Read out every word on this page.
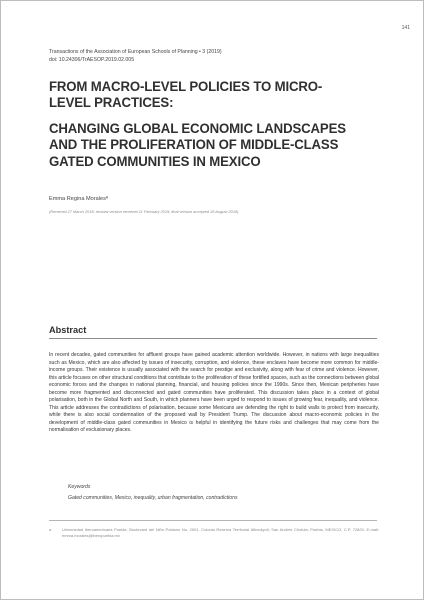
141
Transactions of the Association of European Schools of Planning • 3 (2019)
doi: 10.24306/TrAESOP.2019.02.005
FROM MACRO-LEVEL POLICIES TO MICRO-
LEVEL PRACTICES:
CHANGING GLOBAL ECONOMIC LANDSCAPES
AND THE PROLIFERATION OF MIDDLE-CLASS
GATED COMMUNITIES IN MEXICO
Emma Regina Moralesª
(Received 27 March 2018; revised version received 11 February 2019; final version accepted 18 August 2019)
Abstract
In recent decades, gated communities for affluent groups have gained academic attention worldwide. However, in nations with large inequalities such as Mexico, which are also affected by issues of insecurity, corruption, and violence, these enclaves have become more common for middle-income groups. Their existence is usually associated with the search for prestige and exclusivity, along with fear of crime and violence. However, this article focuses on other structural conditions that contribute to the proliferation of these fortified spaces, such as the connections between global economic forces and the changes in national planning, financial, and housing policies since the 1990s. Since then, Mexican peripheries have become more fragmented and disconnected and gated communities have proliferated. This discussion takes place in a context of global polarisation, both in the Global North and South, in which planners have been urged to respond to issues of growing fear, inequality, and violence. This article addresses the contradictions of polarisation, because some Mexicans are defending the right to build walls to protect from insecurity, while there is also social condemnation of the proposed wall by President Trump. The discussion about macro-economic policies in the development of middle-class gated communities in Mexico is helpful in identifying the future risks and challenges that may come from the normalisation of exclusionary places.
Keywords
Gated communities, Mexico, inequality, urban fragmentation, contradictions
a	Universidad Iberoamericana Puebla. Boulevard del Niño Poblano No. 2901. Colonia Reserva Territorial Atlixcáyotl, San Andrés Cholula, Puebla, MEXICO, C.P. 72820. E-mail: emma.morales@iberopuebla.mx
